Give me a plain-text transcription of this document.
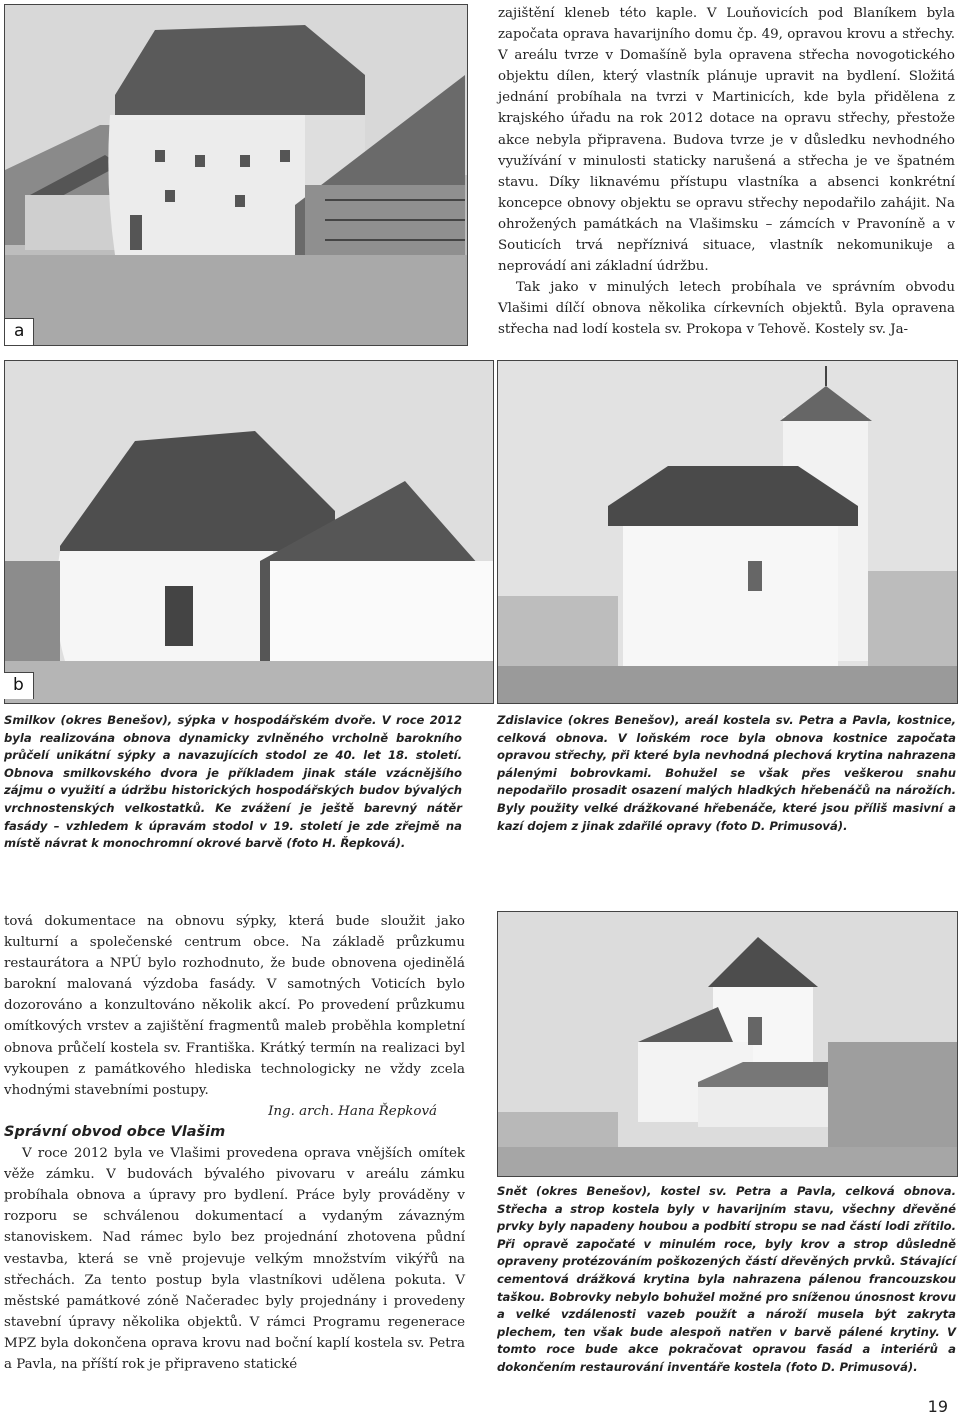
a

zajištění kleneb této kaple. V Louňovicích pod Blaníkem byla započata oprava havarijního domu čp. 49, opravou krovu a střechy. V areálu tvrze v Domašíně byla opravena střecha novogotického objektu dílen, který vlastník plánuje upravit na bydlení. Složitá jednání probíhala na tvrzi v Martinicích, kde byla přidělena z krajského úřadu na rok 2012 dotace na opravu střechy, přestože akce nebyla připravena. Budova tvrze je v důsledku nevhodného využívání v minulosti staticky narušená a střecha je ve špatném stavu. Díky liknavému přístupu vlastníka a absenci konkrétní koncepce obnovy objektu se opravu střechy nepodařilo zahájit. Na ohrožených památkách na Vlašimsku – zámcích v Pravoníně a v Souticích trvá nepříznivá situace, vlastník nekomunikuje a neprovádí ani základní údržbu.

Tak jako v minulých letech probíhala ve správním obvodu Vlašimi dílčí obnova několika církevních objektů. Byla opravena střecha nad lodí kostela sv. Prokopa v Tehově. Kostely sv. Ja-

b

Smilkov (okres Benešov), sýpka v hospodářském dvoře. V roce 2012 byla realizována obnova dynamicky zvlněného vrcholně barokního průčelí unikátní sýpky a navazujících stodol ze 40. let 18. století. Obnova smilkovského dvora je příkladem jinak stále vzácnějšího zájmu o využití a údržbu historických hospodářských budov bývalých vrchnostenských velkostatků. Ke zvážení je ještě barevný nátěr fasády – vzhledem k úpravám stodol v 19. století je zde zřejmě na místě návrat k monochromní okrové barvě (foto H. Řepková).

Zdislavice (okres Benešov), areál kostela sv. Petra a Pavla, kostnice, celková obnova. V loňském roce byla obnova kostnice započata opravou střechy, při které byla nevhodná plechová krytina nahrazena pálenými bobrovkami. Bohužel se však přes veškerou snahu nepodařilo prosadit osazení malých hladkých hřebenáčů na nárožích. Byly použity velké drážkované hřebenáče, které jsou příliš masivní a kazí dojem z jinak zdařilé opravy (foto D. Primusová).

tová dokumentace na obnovu sýpky, která bude sloužit jako kulturní a společenské centrum obce. Na základě průzkumu restaurátora a NPÚ bylo rozhodnuto, že bude obnovena ojedinělá barokní malovaná výzdoba fasády. V samotných Voticích bylo dozorováno a konzultováno několik akcí. Po provedení průzkumu omítkových vrstev a zajištění fragmentů maleb proběhla kompletní obnova průčelí kostela sv. Františka. Krátký termín na realizaci byl vykoupen z památkového hlediska technologicky ne vždy zcela vhodnými stavebními postupy.

Ing. arch. Hana Řepková

Správní obvod obce Vlašim

V roce 2012 byla ve Vlašimi provedena oprava vnějších omítek věže zámku. V budovách bývalého pivovaru v areálu zámku probíhala obnova a úpravy pro bydlení. Práce byly prováděny v rozporu se schválenou dokumentací a vydaným závazným stanoviskem. Nad rámec bylo bez projednání zhotovena půdní vestavba, která se vně projevuje velkým množstvím vikýřů na střechách. Za tento postup byla vlastníkovi udělena pokuta. V městské památkové zóně Načeradec byly projednány i provedeny stavební úpravy několika objektů. V rámci Programu regenerace MPZ byla dokončena oprava krovu nad boční kaplí kostela sv. Petra a Pavla, na příští rok je připraveno statické

Snět (okres Benešov), kostel sv. Petra a Pavla, celková obnova. Střecha a strop kostela byly v havarijním stavu, všechny dřevěné prvky byly napadeny houbou a podbití stropu se nad částí lodi zřítilo. Při opravě započaté v minulém roce, byly krov a strop důsledně opraveny protézováním poškozených částí dřevěných prvků. Stávající cementová drážková krytina byla nahrazena pálenou francouzskou taškou. Bobrovky nebylo bohužel možné pro sníženou únosnost krovu a velké vzdálenosti vazeb použít a nároží musela být zakryta plechem, ten však bude alespoň natřen v barvě pálené krytiny. V tomto roce bude akce pokračovat opravou fasád a interiérů a dokončením restaurování inventáře kostela (foto D. Primusová).

19
